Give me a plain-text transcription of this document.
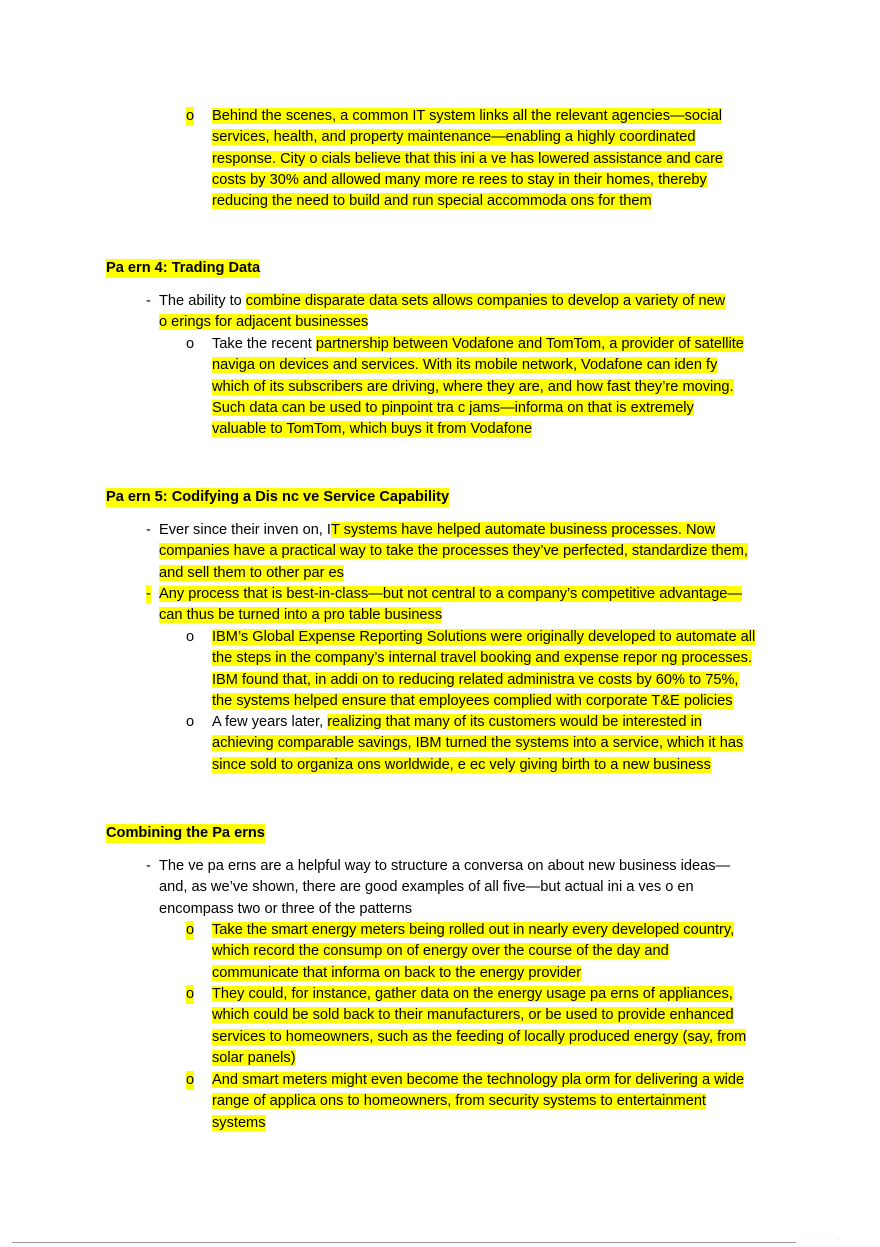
o Behind the scenes, a common IT system links all the relevant agencies—social
services, health, and property maintenance—enabling a highly coordinated
response. City o cials believe that this ini a ve has lowered assistance and care
costs by 30% and allowed many more re rees to stay in their homes, thereby
reducing the need to build and run special accommoda ons for them
Pa ern 4: Trading Data
- The ability to combine disparate data sets allows companies to develop a variety of new
o erings for adjacent businesses
o Take the recent partnership between Vodafone and TomTom, a provider of satellite
naviga on devices and services. With its mobile network, Vodafone can iden fy
which of its subscribers are driving, where they are, and how fast they’re moving.
Such data can be used to pinpoint tra c jams—informa on that is extremely
valuable to TomTom, which buys it from Vodafone
Pa ern 5: Codifying a Dis nc ve Service Capability
- Ever since their inven on, IT systems have helped automate business processes. Now
companies have a practical way to take the processes they’ve perfected, standardize them,
and sell them to other par es
- Any process that is best-in-class—but not central to a company’s competitive advantage—
can thus be turned into a pro table business
o IBM’s Global Expense Reporting Solutions were originally developed to automate all
the steps in the company’s internal travel booking and expense repor ng processes.
IBM found that, in addi on to reducing related administra ve costs by 60% to 75%,
the systems helped ensure that employees complied with corporate T&E policies
o A few years later, realizing that many of its customers would be interested in
achieving comparable savings, IBM turned the systems into a service, which it has
since sold to organiza ons worldwide, e ec vely giving birth to a new business
Combining the Pa erns
- The ve pa erns are a helpful way to structure a conversa on about new business ideas—
and, as we’ve shown, there are good examples of all five—but actual ini a ves o en
encompass two or three of the patterns
o Take the smart energy meters being rolled out in nearly every developed country,
which record the consump on of energy over the course of the day and
communicate that informa on back to the energy provider
o They could, for instance, gather data on the energy usage pa erns of appliances,
which could be sold back to their manufacturers, or be used to provide enhanced
services to homeowners, such as the feeding of locally produced energy (say, from
solar panels)
o And smart meters might even become the technology pla orm for delivering a wide
range of applica ons to homeowners, from security systems to entertainment
systems
· · · · ·
